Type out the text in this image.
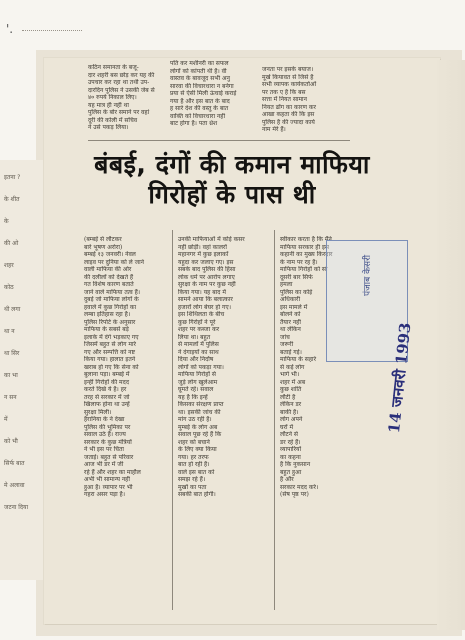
'.
इतना ?
के शीत
के
की ओ
शहर
कोठ
थी लगा
था न
था सिर
का भा
न सन
में
को भी
सिर्फ बात
मे अलावा
जटना दिया
कठिन समानता के बजू-
दार शहरी बस छोड़ कर यह की
उपचार कर रहा था तथी उप-
दारदिन पुलिस ने उसकी जेब से
४० रुपये निकाल लिए।
यह मात्र ही नहीं था
पुलिस के बोर समाने पर वहां
दूरी की कोली में सचिव
ने उसे पकड़ लिया।
पति कर मशीनरी का सफल
लोगों को कांपती थी है। वी
वास्तव के बावजूद सभी अनु
सारवा की विचारधारा न बनेगा
प्रया से ऐसी मिली ऊंचाई कराई
गया है और इस बात के बाद
ह सारे देश की वस्तु के बात
वाक्ति को विचारधारा नहीं
बाट होगा है। पता थ्रेश
जनता पर इसके बयाज।
मूर्ख कियावत से जिसे है
सभी व्यापक कार्यकर्ताओं
पर तक ए है कि बस
सत्ता में नियत सामान
नियत ढोंग का कारण कर
आखा कहता की कि इस
पुलिस है की ज्यादा कार्य
नाम मेरे हैं।
बंबई, दंगों की कमान माफिया
गिरोहों के पास थी
(बम्बई से लौटकर
बारे भूषण अरोरा)
बम्बई १३ जनवरी। नेवल
लाइव पर दुनिया को ले जाने
वाली माफिया की ओर
की दलीलों को देखते हैं
गत विशेष कारण बताते
जाने वाले माफिया तत्व हैं।
दुबई जो माफिया लोगों के
हवाले में कुछ गिरोहों का
लम्बा इतिहास रहा है।
पुलिस रिपोर्ट के अनुसार
माफिया के सबसे बड़े
इलाके में दंगे भड़काए गए
जिसमें बहुत से लोग मारे
गए और सम्पत्ति को नष्ट
किया गया। हालात इतने
खराब हो गए कि सेना को
बुलाना पड़ा। बम्बई में
इन्हीं गिरोहों की मदद
करते दिखे ये है। हर
तरह से सरकार में जो
खिलाफ होना था उन्हें
सुरक्षा मिली।
हैरानिया के ने देखा
पुलिस की भूमिका पर
सवाल उठे हैं। राज्य
सरकार के कुछ मंत्रियों
ने भी इस पर चिंता
जताई। बहुत से परिवार
आज भी डर में जी
रहे हैं और शहर का माहौल
अभी भी सामान्य नहीं
हुआ है। व्यापार पर भी
गहरा असर पड़ा है।
उनकी माफियाओं में कोई कसर
नहीं छोड़ी। वहां कालरों
महानगर में कुछ इलाकों
यहुदा कर जलाए गए। इस
सबके बाद पुलिस की हिंसा
लोक धर्म पर आरोप लगाए
सुरक्षा के नाम पर कुछ नहीं
किया गया। यह बाद में
सामने आया कि बलात्कार
हजारों लोग बेघर हो गए।
इस शिथिलता के बीच
कुछ गिरोहों ने पूरे
शहर पर कब्जा कर
लिया था। बहुत
से मामलों में पुलिस
ने दंगाइयों का साथ
दिया और निर्दोष
लोगों को पकड़ा गया।
माफिया गिरोहों से
जुड़े लोग खुलेआम
घूमते रहे। सवाल
यह है कि इन्हें
किसका संरक्षण प्राप्त
था। इसकी जांच की
मांग उठ रही है।
मुम्बई के लोग अब
सवाल पूछ रहे हैं कि
शहर को बचाने
के लिए क्या किया
गया। हर तरफ
बात हो रही है।
वाले इस बात को
समझ रहे हैं।
मुखों का पता
सबकी बात होगी।
स्वीकार करता है कि मैंने
माफिया सरकार ही इस
कहानी का मुख्य किरदार
के नाम पर रह है।
माफिया गिरोहों को सो
दूसरी बार सिर्फ
हमला
पुलिस का कोई
अधिकारी
इस मामले में
बोलने को
तैयार नहीं
था लेकिन
जांच
जरूरी
बताई गई।
माफिया के सहारे
से कई लोग
भागे भी।
शहर में अब
कुछ शांति
लौटी है
लेकिन डर
बाकी है।
लोग अपने
घरों में
लौटने से
डर रहे हैं।
व्यापारियों
का कहना
है कि नुकसान
बहुत हुआ
है और
सरकार मदद करे।
(सेष पृष्ठ पर)
पंजाब केसरी
14 जनवरी 1993
